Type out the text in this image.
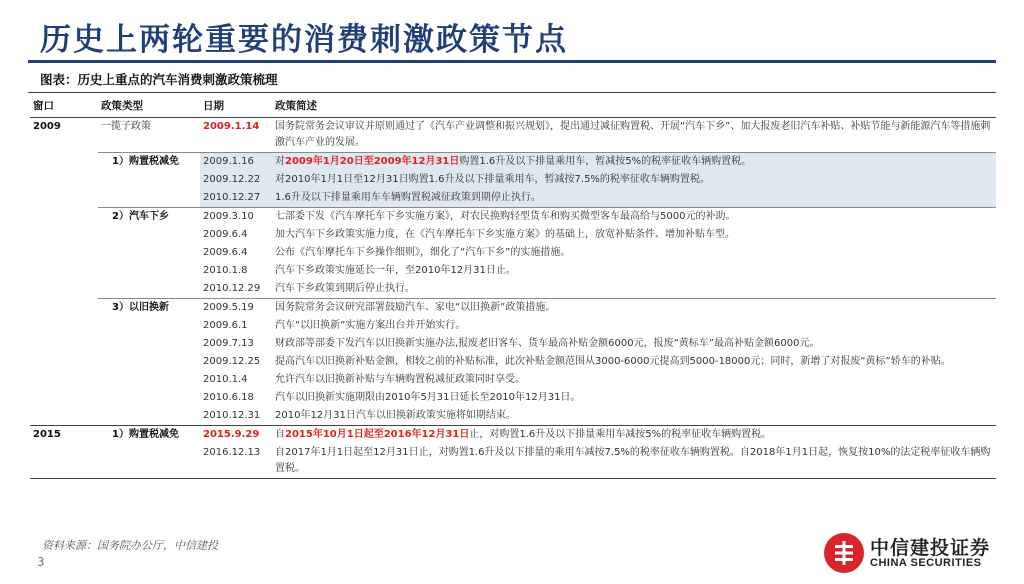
历史上两轮重要的消费刺激政策节点
图表：历史上重点的汽车消费刺激政策梳理
窗口	政策类型	日期	政策简述
2009	一揽子政策	2009.1.14	国务院常务会议审议并原则通过了《汽车产业调整和振兴规划》，提出通过减征购置税、开展“汽车下乡”、加大报废老旧汽车补贴、补贴节能与新能源汽车等措施刺激汽车产业的发展。
	1）购置税减免	2009.1.16	对2009年1月20日至2009年12月31日购置1.6升及以下排量乘用车，暂减按5%的税率征收车辆购置税。
		2009.12.22	对2010年1月1日至12月31日购置1.6升及以下排量乘用车，暂减按7.5%的税率征收车辆购置税。
		2010.12.27	1.6升及以下排量乘用车车辆购置税减征政策到期停止执行。
	2）汽车下乡	2009.3.10	七部委下发《汽车摩托车下乡实施方案》，对农民换购轻型货车和购买微型客车最高给与5000元的补助。
		2009.6.4	加大汽车下乡政策实施力度，在《汽车摩托车下乡实施方案》的基础上，放宽补贴条件、增加补贴车型。
		2009.6.4	公布《汽车摩托车下乡操作细则》，细化了“汽车下乡”的实施措施。
		2010.1.8	汽车下乡政策实施延长一年，至2010年12月31日止。
		2010.12.29	汽车下乡政策到期后停止执行。
	3）以旧换新	2009.5.19	国务院常务会议研究部署鼓励汽车、家电“以旧换新”政策措施。
		2009.6.1	汽车“以旧换新”实施方案出台并开始实行。
		2009.7.13	财政部等部委下发汽车以旧换新实施办法,报废老旧客车、货车最高补贴金额6000元，报废“黄标车”最高补贴金额6000元。
		2009.12.25	提高汽车以旧换新补贴金额，相较之前的补贴标准，此次补贴金额范围从3000-6000元提高到5000-18000元；同时，新增了对报废“黄标”轿车的补贴。
		2010.1.4	允许汽车以旧换新补贴与车辆购置税减征政策同时享受。
		2010.6.18	汽车以旧换新实施期限由2010年5月31日延长至2010年12月31日。
		2010.12.31	2010年12月31日汽车以旧换新政策实施将如期结束。
2015	1）购置税减免	2015.9.29	自2015年10月1日起至2016年12月31日止，对购置1.6升及以下排量乘用车减按5%的税率征收车辆购置税。
		2016.12.13	自2017年1月1日起至12月31日止，对购置1.6升及以下排量的乘用车减按7.5%的税率征收车辆购置税。自2018年1月1日起，恢复按10%的法定税率征收车辆购置税。
资料来源：国务院办公厅，中信建投
3
中信建投证券
CHINA SECURITIES
